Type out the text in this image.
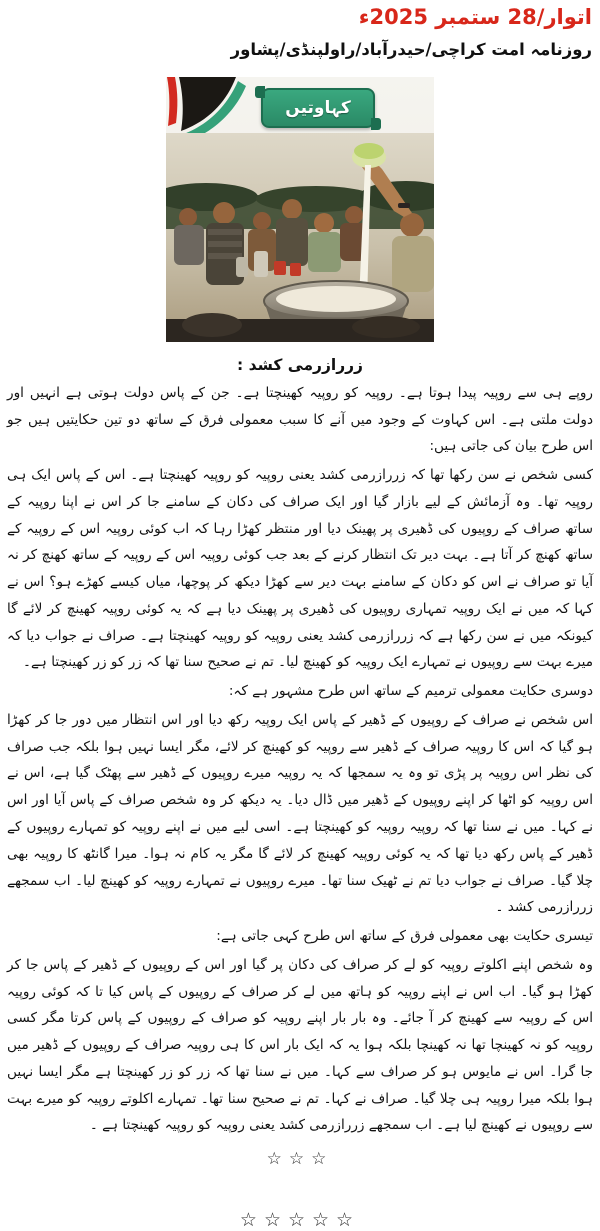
اتوار/28 ستمبر 2025ء
روزنامہ امت کراچی/حیدرآباد/راولپنڈی/پشاور
کہاوتیں
زررازرمی کشد :

روپے ہی سے روپیہ پیدا ہوتا ہے۔ روپیہ کو روپیہ کھینچتا ہے۔ جن کے پاس دولت ہوتی ہے انہیں اور دولت ملتی ہے۔ اس کہاوت کے وجود میں آنے کا سبب معمولی فرق کے ساتھ دو تین حکایتیں ہیں جو اس طرح بیان کی جاتی ہیں:

کسی شخص نے سن رکھا تھا کہ زررازرمی کشد یعنی روپیہ کو روپیہ کھینچتا ہے۔ اس کے پاس ایک ہی روپیہ تھا۔ وہ آزمائش کے لیے بازار گیا اور ایک صراف کی دکان کے سامنے جا کر اس نے اپنا روپیہ کے ساتھ صراف کے روپیوں کی ڈھیری پر پھینک دیا اور منتظر کھڑا رہا کہ اب کوئی روپیہ اس کے روپیہ کے ساتھ کھنچ کر آتا ہے۔ بہت دیر تک انتظار کرنے کے بعد جب کوئی روپیہ اس کے روپیہ کے ساتھ کھنچ کر نہ آیا تو صراف نے اس کو دکان کے سامنے بہت دیر سے کھڑا دیکھ کر پوچھا، میاں کیسے کھڑے ہو؟ اس نے کہا کہ میں نے ایک روپیہ تمہاری روپیوں کی ڈھیری پر پھینک دیا ہے کہ یہ کوئی روپیہ کھینچ کر لائے گا کیونکہ میں نے سن رکھا ہے کہ زررازرمی کشد یعنی روپیہ کو روپیہ کھینچتا ہے۔ صراف نے جواب دیا کہ میرے بہت سے روپیوں نے تمہارے ایک روپیہ کو کھینچ لیا۔ تم نے صحیح سنا تھا کہ زر کو زر کھینچتا ہے۔

دوسری حکایت معمولی ترمیم کے ساتھ اس طرح مشہور ہے کہ:

اس شخص نے صراف کے روپیوں کے ڈھیر کے پاس ایک روپیہ رکھ دیا اور اس انتظار میں دور جا کر کھڑا ہو گیا کہ اس کا روپیہ صراف کے ڈھیر سے روپیہ کو کھینچ کر لائے، مگر ایسا نہیں ہوا بلکہ جب صراف کی نظر اس روپیہ پر پڑی تو وہ یہ سمجھا کہ یہ روپیہ میرے روپیوں کے ڈھیر سے پھٹک گیا ہے، اس نے اس روپیہ کو اٹھا کر اپنے روپیوں کے ڈھیر میں ڈال دیا۔ یہ دیکھ کر وہ شخص صراف کے پاس آیا اور اس نے کہا۔ میں نے سنا تھا کہ روپیہ روپیہ کو کھینچتا ہے۔ اسی لیے میں نے اپنے روپیہ کو تمہارے روپیوں کے ڈھیر کے پاس رکھ دیا تھا کہ یہ کوئی روپیہ کھینچ کر لائے گا مگر یہ کام نہ ہوا۔ میرا گانٹھ کا روپیہ بھی چلا گیا۔ صراف نے جواب دیا تم نے ٹھیک سنا تھا۔ میرے روپیوں نے تمہارے روپیہ کو کھینچ لیا۔ اب سمجھے زررازرمی کشد ۔

تیسری حکایت بھی معمولی فرق کے ساتھ اس طرح کہی جاتی ہے:

وہ شخص اپنے اکلوتے روپیہ کو لے کر صراف کی دکان پر گیا اور اس کے روپیوں کے ڈھیر کے پاس جا کر کھڑا ہو گیا۔ اب اس نے اپنے روپیہ کو ہاتھ میں لے کر صراف کے روپیوں کے پاس کیا تا کہ کوئی روپیہ اس کے روپیہ سے کھینچ کر آ جائے۔ وہ بار بار اپنے روپیہ کو صراف کے روپیوں کے پاس کرتا مگر کسی روپیہ کو نہ کھینچا تھا نہ کھینچا بلکہ ہوا یہ کہ ایک بار اس کا ہی روپیہ صراف کے روپیوں کے ڈھیر میں جا گرا۔ اس نے مایوس ہو کر صراف سے کہا۔ میں نے سنا تھا کہ زر کو زر کھینچتا ہے مگر ایسا نہیں ہوا بلکہ میرا روپیہ ہی چلا گیا۔ صراف نے کہا۔ تم نے صحیح سنا تھا۔ تمہارے اکلوتے روپیہ کو میرے بہت سے روپیوں نے کھینچ لیا ہے۔ اب سمجھے زررازرمی کشد یعنی روپیہ کو روپیہ کھینچتا ہے ۔

☆☆☆
☆☆☆☆☆
